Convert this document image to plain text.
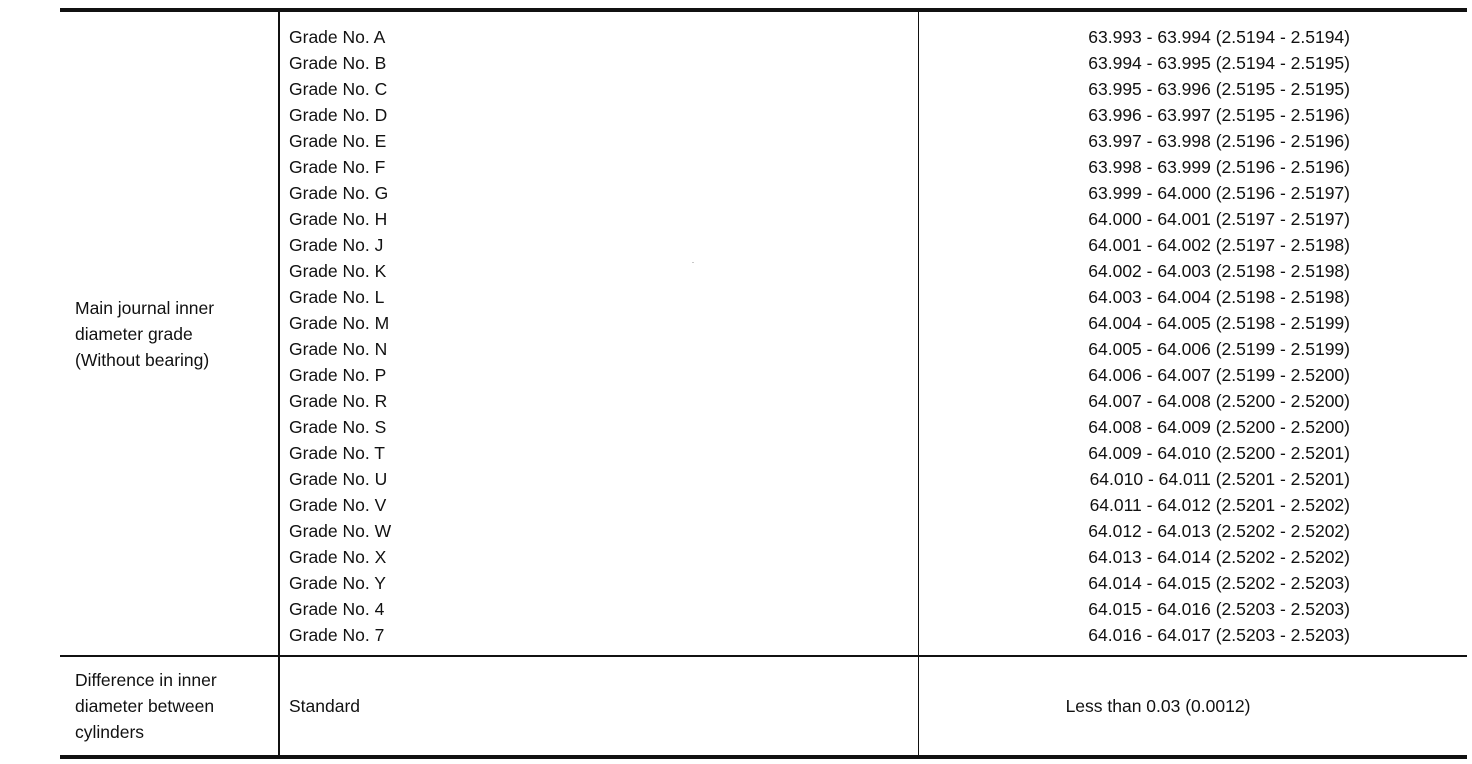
Main journal inner
diameter grade
(Without bearing)
Grade No. A
Grade No. B
Grade No. C
Grade No. D
Grade No. E
Grade No. F
Grade No. G
Grade No. H
Grade No. J
Grade No. K
Grade No. L
Grade No. M
Grade No. N
Grade No. P
Grade No. R
Grade No. S
Grade No. T
Grade No. U
Grade No. V
Grade No. W
Grade No. X
Grade No. Y
Grade No. 4
Grade No. 7
63.993 - 63.994 (2.5194 - 2.5194)
63.994 - 63.995 (2.5194 - 2.5195)
63.995 - 63.996 (2.5195 - 2.5195)
63.996 - 63.997 (2.5195 - 2.5196)
63.997 - 63.998 (2.5196 - 2.5196)
63.998 - 63.999 (2.5196 - 2.5196)
63.999 - 64.000 (2.5196 - 2.5197)
64.000 - 64.001 (2.5197 - 2.5197)
64.001 - 64.002 (2.5197 - 2.5198)
64.002 - 64.003 (2.5198 - 2.5198)
64.003 - 64.004 (2.5198 - 2.5198)
64.004 - 64.005 (2.5198 - 2.5199)
64.005 - 64.006 (2.5199 - 2.5199)
64.006 - 64.007 (2.5199 - 2.5200)
64.007 - 64.008 (2.5200 - 2.5200)
64.008 - 64.009 (2.5200 - 2.5200)
64.009 - 64.010 (2.5200 - 2.5201)
64.010 - 64.011 (2.5201 - 2.5201)
64.011 - 64.012 (2.5201 - 2.5202)
64.012 - 64.013 (2.5202 - 2.5202)
64.013 - 64.014 (2.5202 - 2.5202)
64.014 - 64.015 (2.5202 - 2.5203)
64.015 - 64.016 (2.5203 - 2.5203)
64.016 - 64.017 (2.5203 - 2.5203)
Difference in inner
diameter between
cylinders
Standard	Less than 0.03 (0.0012)
